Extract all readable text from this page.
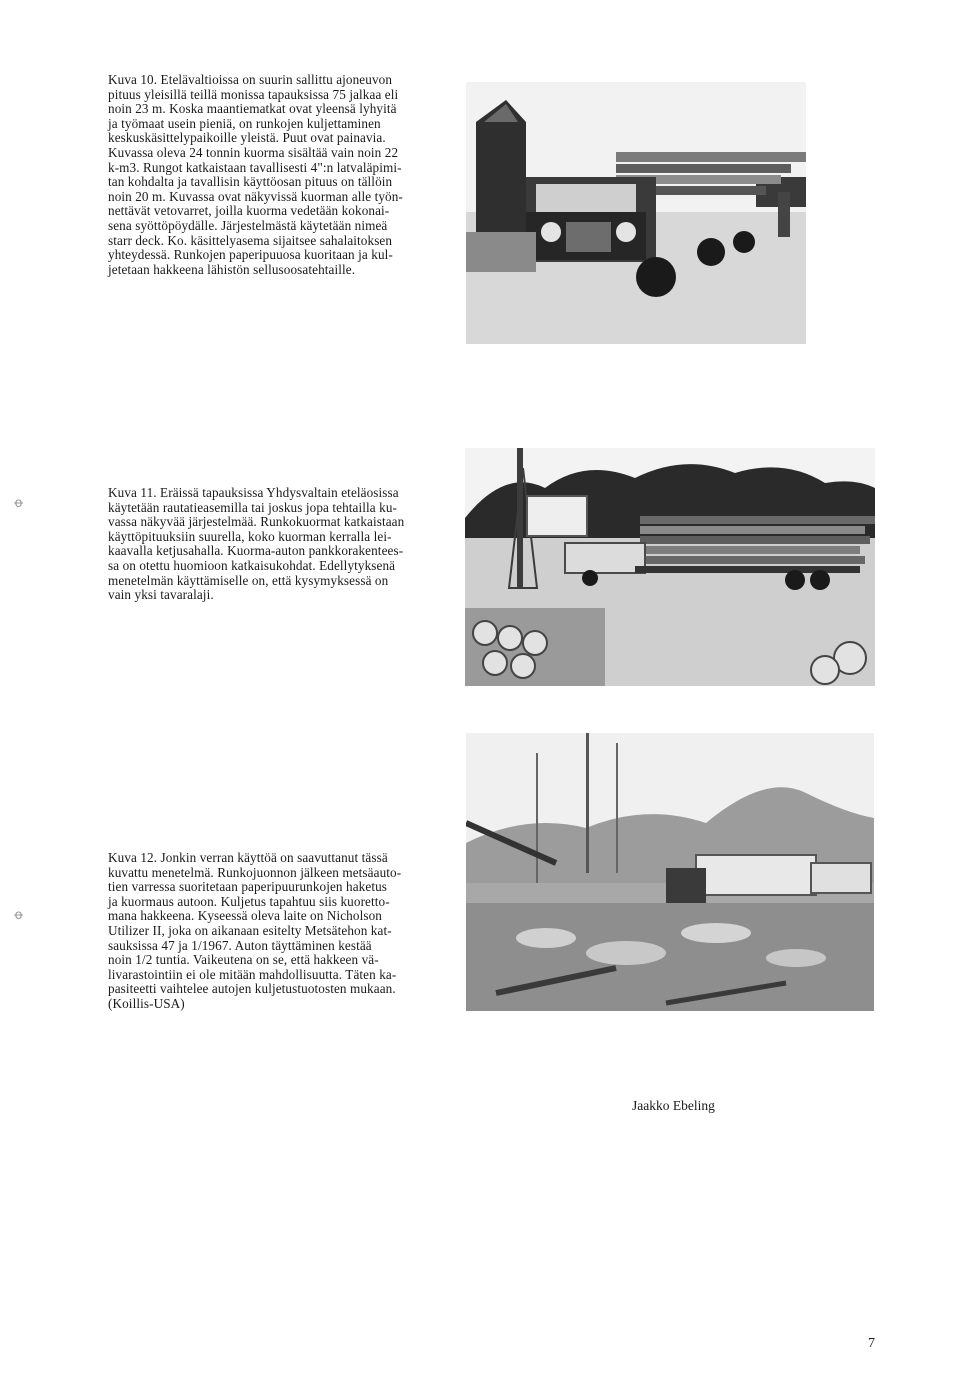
Kuva 10. Etelävaltioissa on suurin sallittu ajoneuvon

pituus yleisillä teillä monissa tapauksissa 75 jalkaa eli

noin 23 m. Koska maantiematkat ovat yleensä lyhyitä

ja työmaat usein pieniä, on runkojen kuljettaminen

keskuskäsittelypaikoille yleistä. Puut ovat painavia.

Kuvassa oleva 24 tonnin kuorma sisältää vain noin 22

k-m3. Rungot katkaistaan tavallisesti 4":n latvaläpimi-

tan kohdalta ja tavallisin käyttöosan pituus on tällöin

noin 20 m. Kuvassa ovat näkyvissä kuorman alle työn-

nettävät vetovarret, joilla kuorma vedetään kokonai-

sena syöttöpöydälle. Järjestelmästä käytetään nimeä

starr deck. Ko. käsittelyasema sijaitsee sahalaitoksen

yhteydessä. Runkojen paperipuuosa kuoritaan ja kul-

jetetaan hakkeena lähistön sellusoosatehtaille.

Kuva 11. Eräissä tapauksissa Yhdysvaltain eteläosissa

käytetään rautatieasemilla tai joskus jopa tehtailla ku-

vassa näkyvää järjestelmää. Runkokuormat katkaistaan

käyttöpituuksiin suurella, koko kuorman kerralla lei-

kaavalla ketjusahalla. Kuorma-auton pankkorakentees-

sa on otettu huomioon katkaisukohdat. Edellytyksenä

menetelmän käyttämiselle on, että kysymyksessä on

vain yksi tavaralaji.

Kuva 12. Jonkin verran käyttöä on saavuttanut tässä

kuvattu menetelmä. Runkojuonnon jälkeen metsäauto-

tien varressa suoritetaan paperipuurunkojen haketus

ja kuormaus autoon. Kuljetus tapahtuu siis kuoretto-

mana hakkeena. Kyseessä oleva laite on Nicholson

Utilizer II, joka on aikanaan esitelty Metsätehon kat-

sauksissa 47 ja 1/1967. Auton täyttäminen kestää

noin 1/2 tuntia. Vaikeutena on se, että hakkeen vä-

livarastointiin ei ole mitään mahdollisuutta. Täten ka-

pasiteetti vaihtelee autojen kuljetustuotosten mukaan.

(Koillis-USA)

ꝋ
ꝋ
Jaakko Ebeling
7
